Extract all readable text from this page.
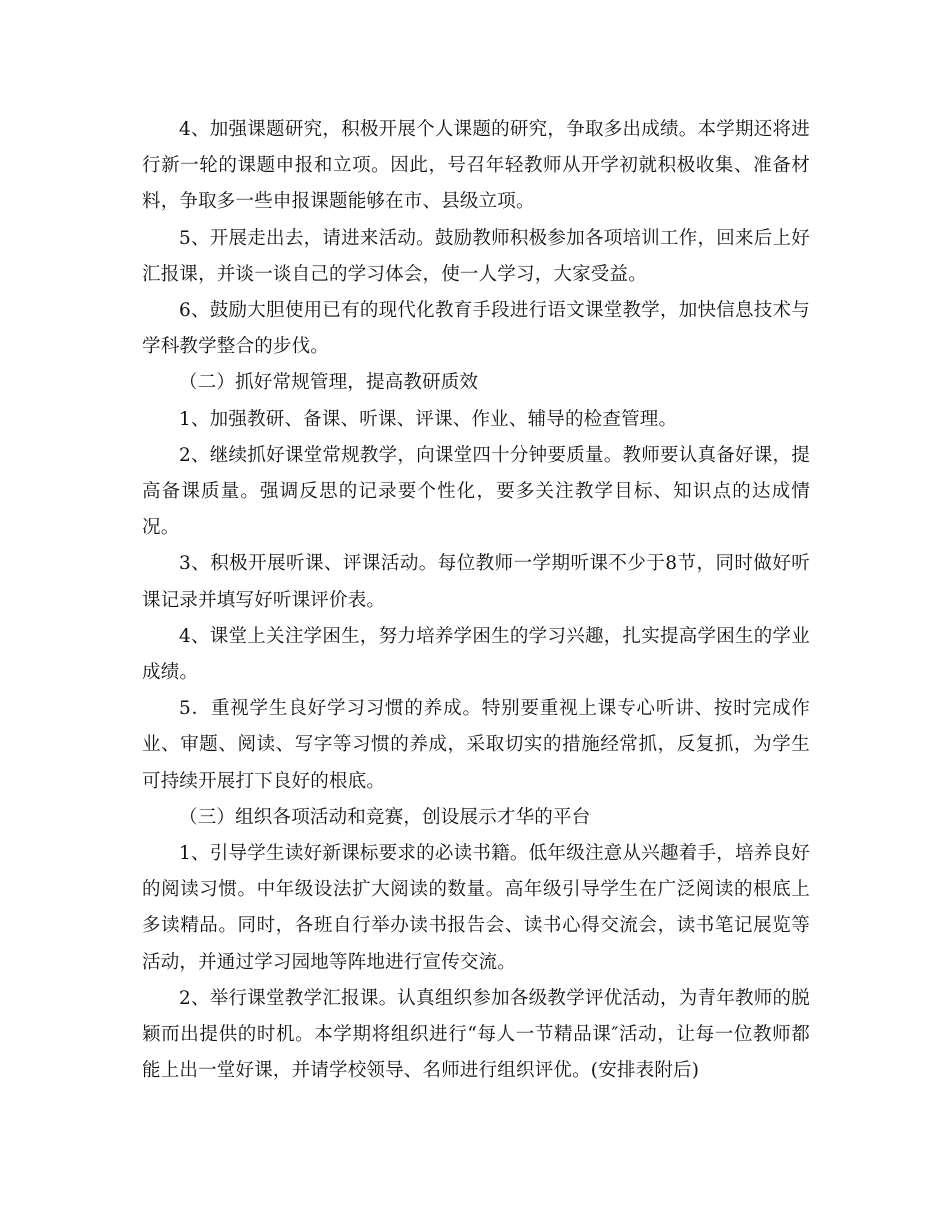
4、加强课题研究，积极开展个人课题的研究，争取多出成绩。本学期还将进行新一轮的课题申报和立项。因此，号召年轻教师从开学初就积极收集、准备材料，争取多一些申报课题能够在市、县级立项。

5、开展走出去，请进来活动。鼓励教师积极参加各项培训工作，回来后上好汇报课，并谈一谈自己的学习体会，使一人学习，大家受益。

6、鼓励大胆使用已有的现代化教育手段进行语文课堂教学，加快信息技术与学科教学整合的步伐。

（二）抓好常规管理，提高教研质效

1、加强教研、备课、听课、评课、作业、辅导的检查管理。

2、继续抓好课堂常规教学，向课堂四十分钟要质量。教师要认真备好课，提高备课质量。强调反思的记录要个性化，要多关注教学目标、知识点的达成情况。

3、积极开展听课、评课活动。每位教师一学期听课不少于8节，同时做好听课记录并填写好听课评价表。

4、课堂上关注学困生，努力培养学困生的学习兴趣，扎实提高学困生的学业成绩。

5．重视学生良好学习习惯的养成。特别要重视上课专心听讲、按时完成作业、审题、阅读、写字等习惯的养成，采取切实的措施经常抓，反复抓，为学生可持续开展打下良好的根底。

（三）组织各项活动和竞赛，创设展示才华的平台

1、引导学生读好新课标要求的必读书籍。低年级注意从兴趣着手，培养良好的阅读习惯。中年级设法扩大阅读的数量。高年级引导学生在广泛阅读的根底上多读精品。同时，各班自行举办读书报告会、读书心得交流会，读书笔记展览等活动，并通过学习园地等阵地进行宣传交流。

2、举行课堂教学汇报课。认真组织参加各级教学评优活动，为青年教师的脱颖而出提供的时机。本学期将组织进行“每人一节精品课″活动，让每一位教师都能上出一堂好课，并请学校领导、名师进行组织评优。(安排表附后)
